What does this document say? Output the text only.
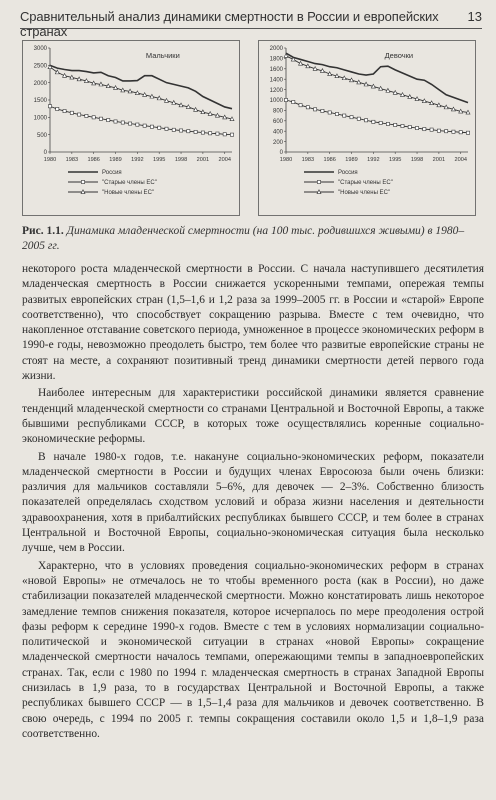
Сравнительный анализ динамики смертности в России и европейских странах
13
0
500
1000
1500
2000
2500
3000
1980 1983 1986 1989 1992 1995 1998 2001 2004
Мальчики
Россия
"Старые члены ЕС"
"Новые члены ЕС"
0
200
400
600
800
1000
1200
1400
1600
1800
2000
1980 1983 1986 1989 1992 1995 1998 2001 2004
Девочки
Россия
"Старые члены ЕС"
"Новые члены ЕС"
Рис. 1.1. Динамика младенческой смертности (на 100 тыс. родившихся живыми) в 1980–2005 гг.

некоторого роста младенческой смертности в России. С начала наступившего десятилетия младенческая смертность в России снижается ускоренными темпами, опережая темпы развитых европейских стран (1,5–1,6 и 1,2 раза за 1999–2005 гг. в России и «старой» Европе соответственно), что способствует сокращению разрыва. Вместе с тем очевидно, что накопленное отставание советского периода, умноженное в процессе экономических реформ в 1990-е годы, невозможно преодолеть быстро, тем более что развитые европейские страны не стоят на месте, а сохраняют позитивный тренд динамики смертности детей первого года жизни.

Наиболее интересным для характеристики российской динамики является сравнение тенденций младенческой смертности со странами Центральной и Восточной Европы, а также бывшими республиками СССР, в которых тоже осуществлялись коренные социально-экономические реформы.

В начале 1980-х годов, т.е. накануне социально-экономических реформ, показатели младенческой смертности в России и будущих членах Евросоюза были очень близки: различия для мальчиков составляли 5–6%, для девочек — 2–3%. Собственно близость показателей определялась сходством условий и образа жизни населения и деятельности здравоохранения, хотя в прибалтийских республиках бывшего СССР, и тем более в странах Центральной и Восточной Европы, социально-экономическая ситуация была несколько лучше, чем в России.

Характерно, что в условиях проведения социально-экономических реформ в странах «новой Европы» не отмечалось не то чтобы временного роста (как в России), но даже стабилизации показателей младенческой смертности. Можно констатировать лишь некоторое замедление темпов снижения показателя, которое исчерпалось по мере преодоления острой фазы реформ к середине 1990-х годов. Вместе с тем в условиях нормализации социально-политической и экономической ситуации в странах «новой Европы» сокращение младенческой смертности началось темпами, опережающими темпы в западноевропейских странах. Так, если с 1980 по 1994 г. младенческая смертность в странах Западной Европы снизилась в 1,9 раза, то в государствах Центральной и Восточной Европы, а также республиках бывшего СССР — в 1,5–1,4 раза для мальчиков и девочек соответственно. В свою очередь, с 1994 по 2005 г. темпы сокращения составили около 1,5 и 1,8–1,9 раза соответственно.
